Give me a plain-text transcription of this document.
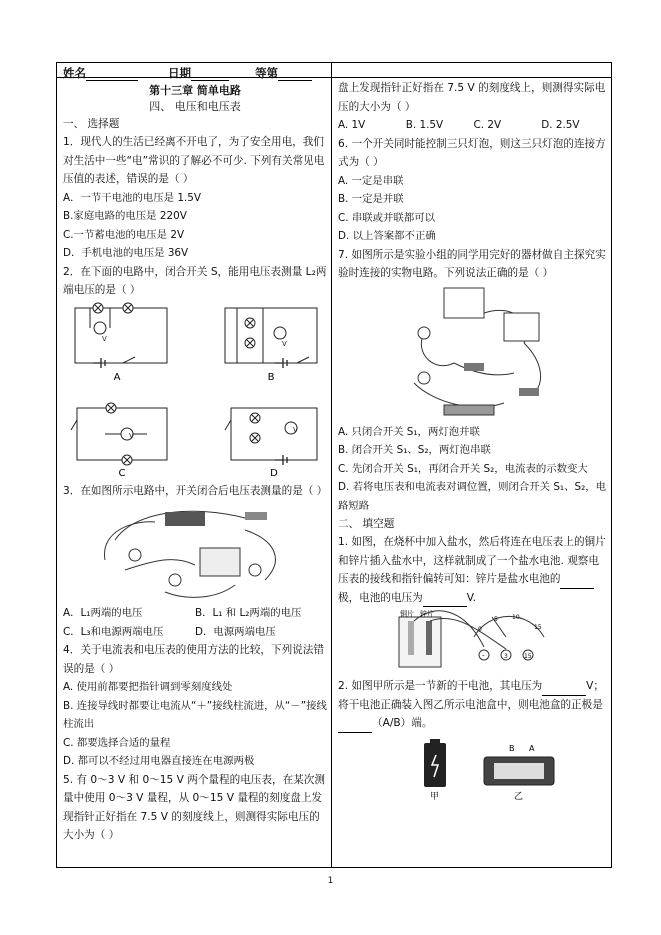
姓名	日期	等第
第十三章 简单电路
四、 电压和电压表
一、 选择题

1．现代人的生活已经离不开电了，为了安全用电，我们对生活中一些“电”常识的了解必不可少. 下列有关常见电压值的表述，错误的是（ ）

A．一节干电池的电压是 1.5V

B.家庭电路的电压是 220V

C.一节蓄电池的电压是 2V

D．手机电池的电压是 36V

2．在下面的电路中，闭合开关 S，能用电压表测量 L₂两端电压的是（ ）

V
V
V
V
A	B
C	D

3．在如图所示电路中，开关闭合后电压表测量的是（ ）

A．L₁两端的电压	B．L₁ 和 L₂两端的电压
C．L₃和电源两端电压	D．电源两端电压

4．关于电流表和电压表的使用方法的比较，下列说法错误的是（ ）

A. 使用前都要把指针调到零刻度线处

B. 连接导线时都要让电流从“＋”接线柱流进，从“－”接线柱流出

C. 都要选择合适的量程

D. 都可以不经过用电器直接连在电源两极

5. 有 0～3 V 和 0～15 V 两个量程的电压表，在某次测量中使用 0～3 V 量程，从 0～15 V 量程的刻度盘上发现指针正好指在 7.5 V 的刻度线上，则测得实际电压的大小为（ ）

盘上发现指针正好指在 7.5 V 的刻度线上，则测得实际电压的大小为（ ）

A. 1V	B. 1.5V	C. 2V	D. 2.5V

6. 一个开关同时能控制三只灯泡，则这三只灯泡的连接方式为（ ）

A. 一定是串联

B. 一定是并联

C. 串联或并联都可以

D. 以上答案都不正确

7. 如图所示是实验小组的同学用完好的器材做自主探究实验时连接的实物电路。下列说法正确的是（ ）

A. 只闭合开关 S₁，两灯泡并联

B. 闭合开关 S₁、S₂，两灯泡串联

C. 先闭合开关 S₁，再闭合开关 S₂，电流表的示数变大

D. 若将电压表和电流表对调位置，则闭合开关 S₁、S₂，电路短路

二、 填空题

1. 如图，在烧杯中加入盐水，然后将连在电压表上的铜片和锌片插入盐水中，这样就制成了一个盐水电池. 观察电压表的接线和指针偏转可知：锌片是盐水电池的极，电池的电压为	V.

铜片 锌片
0
5 10
15
-	3	15

2. 如图甲所示是一节新的干电池，其电压为	V；将干电池正确装入图乙所示电池盒中，则电池盒的正极是（A/B）端。

B A
甲	乙
1
